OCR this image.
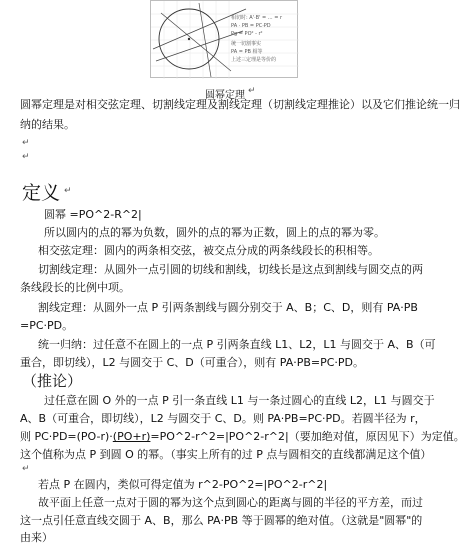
相切时: A'·B' = ... = r
PA · PB = PC·PD
Pg = PO² - r²
统一切割事实
PA = PB 相等
上述三定理是等价的
圆幂定理 ↵
圆幂定理是对相交弦定理、切割线定理及割线定理（切割线定理推论）以及它们推论统一归
纳的结果。
↵
↵
定义 ↵
圆幂 =PO^2-R^2|
所以圆内的点的幂为负数，圆外的点的幂为正数，圆上的点的幂为零。
相交弦定理：圆内的两条相交弦，被交点分成的两条线段长的积相等。
切割线定理：从圆外一点引圆的切线和割线，切线长是这点到割线与圆交点的两
条线段长的比例中项。
割线定理：从圆外一点 P 引两条割线与圆分别交于 A、B；C、D，则有 PA·PB
=PC·PD。
统一归纳：过任意不在圆上的一点 P 引两条直线 L1、L2，L1 与圆交于 A、B（可
重合，即切线），L2 与圆交于 C、D（可重合），则有 PA·PB=PC·PD。
（推论）
过任意在圆 O 外的一点 P 引一条直线 L1 与一条过圆心的直线 L2，L1 与圆交于
A、B（可重合，即切线），L2 与圆交于 C、D。则 PA·PB=PC·PD。若圆半径为 r，
则 PC·PD=(PO-r)·(PO+r)=PO^2-r^2=|PO^2-r^2|（要加绝对值，原因见下）为定值。
这个值称为点 P 到圆 O 的幂。（事实上所有的过 P 点与圆相交的直线都满足这个值）
↵
若点 P 在圆内，类似可得定值为 r^2-PO^2=|PO^2-r^2|
故平面上任意一点对于圆的幂为这个点到圆心的距离与圆的半径的平方差，而过
这一点引任意直线交圆于 A、B，那么 PA·PB 等于圆幂的绝对值。（这就是"圆幂"的
由来）
